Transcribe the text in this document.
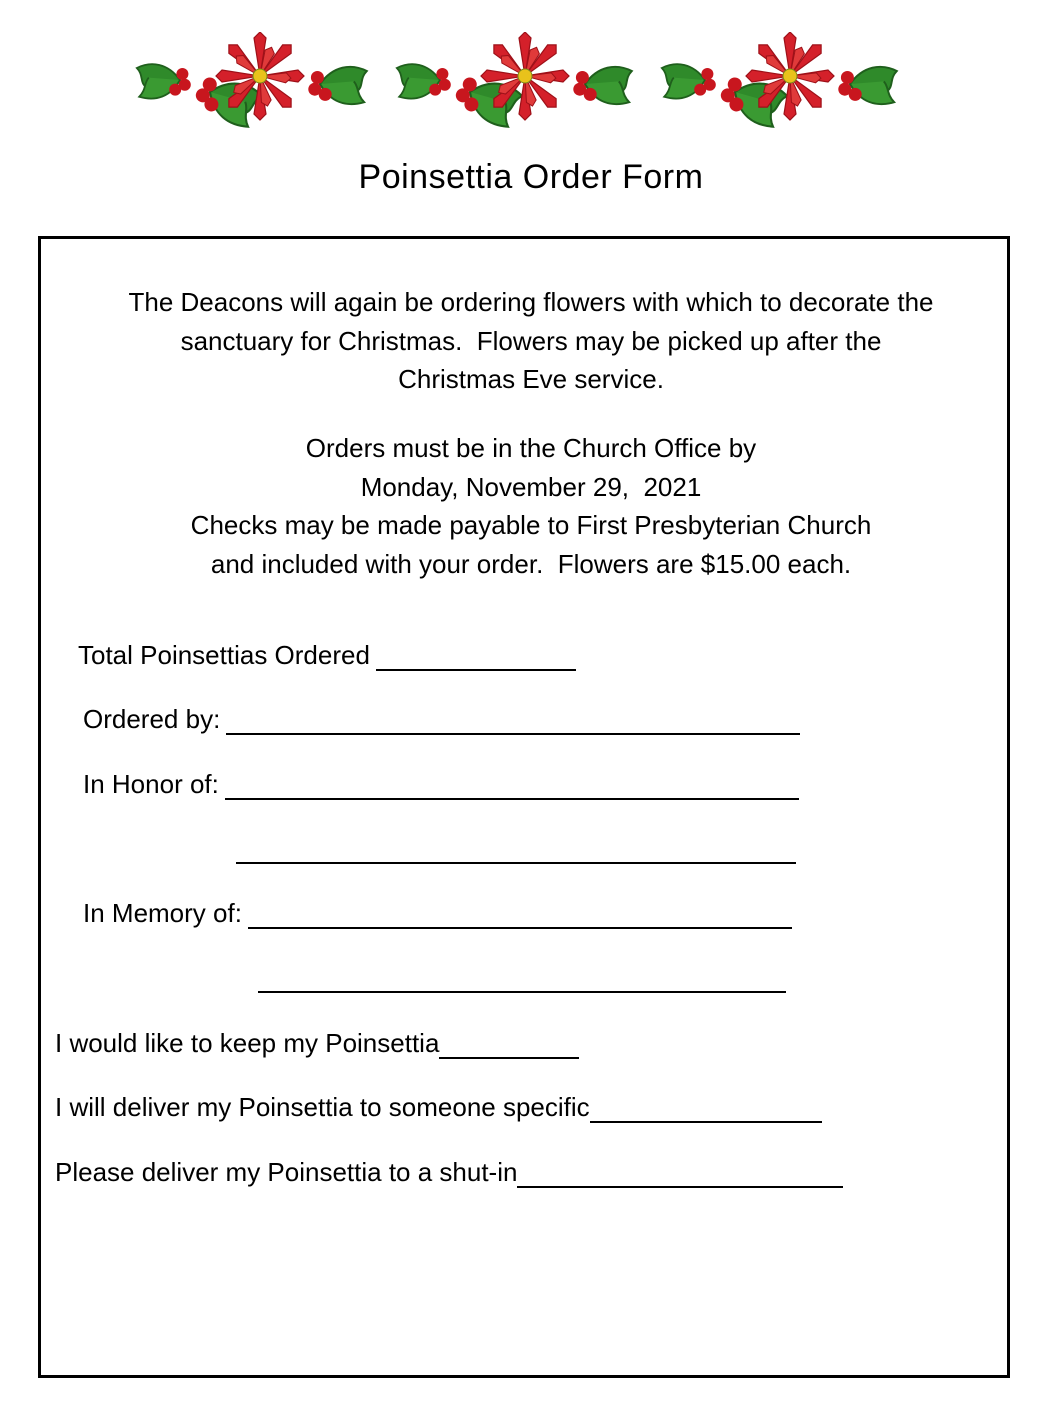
Poinsettia Order Form
The Deacons will again be ordering flowers with which to decorate the
sanctuary for Christmas.  Flowers may be picked up after the
Christmas Eve service.
Orders must be in the Church Office by
Monday, November 29,  2021
Checks may be made payable to First Presbyterian Church
and included with your order.  Flowers are $15.00 each.
Total Poinsettias Ordered
Ordered by:
In Honor of:
In Memory of:
I would like to keep my Poinsettia
I will deliver my Poinsettia to someone specific
Please deliver my Poinsettia to a shut-in
